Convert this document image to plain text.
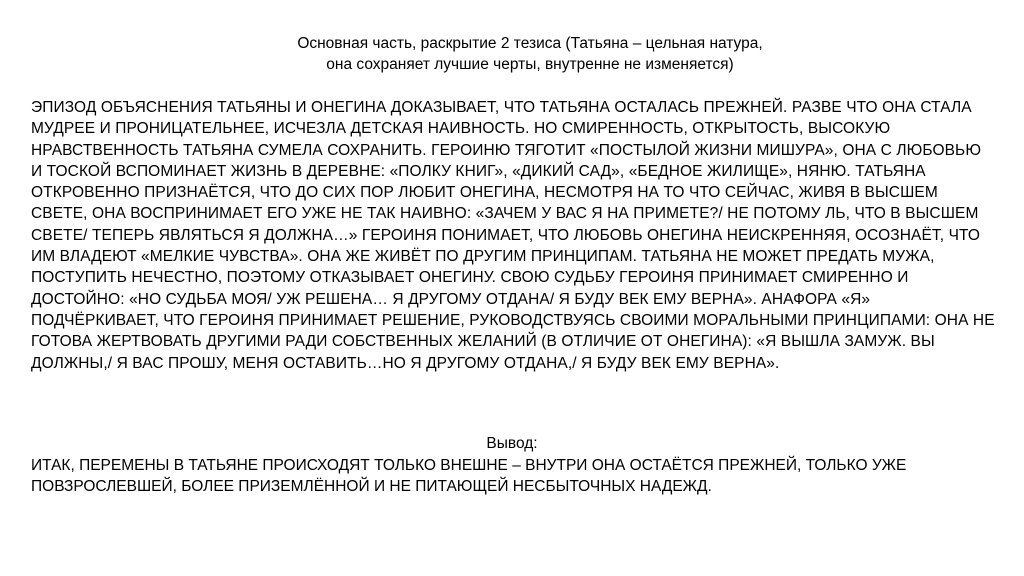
Основная часть, раскрытие 2 тезиса (Татьяна – цельная натура, она сохраняет лучшие черты, внутренне не изменяется)

ЭПИЗОД ОБЪЯСНЕНИЯ ТАТЬЯНЫ И ОНЕГИНА ДОКАЗЫВАЕТ, ЧТО ТАТЬЯНА ОСТАЛАСЬ ПРЕЖНЕЙ. РАЗВЕ ЧТО ОНА СТАЛА МУДРЕЕ И ПРОНИЦАТЕЛЬНЕЕ, ИСЧЕЗЛА ДЕТСКАЯ НАИВНОСТЬ. НО СМИРЕННОСТЬ, ОТКРЫТОСТЬ, ВЫСОКУЮ НРАВСТВЕННОСТЬ ТАТЬЯНА СУМЕЛА СОХРАНИТЬ. ГЕРОИНЮ ТЯГОТИТ «ПОСТЫЛОЙ ЖИЗНИ МИШУРА», ОНА С ЛЮБОВЬЮ И ТОСКОЙ ВСПОМИНАЕТ ЖИЗНЬ В ДЕРЕВНЕ: «ПОЛКУ КНИГ», «ДИКИЙ САД», «БЕДНОЕ ЖИЛИЩЕ», НЯНЮ. ТАТЬЯНА ОТКРОВЕННО ПРИЗНАЁТСЯ, ЧТО ДО СИХ ПОР ЛЮБИТ ОНЕГИНА, НЕСМОТРЯ НА ТО ЧТО СЕЙЧАС, ЖИВЯ В ВЫСШЕМ СВЕТЕ, ОНА ВОСПРИНИМАЕТ ЕГО УЖЕ НЕ ТАК НАИВНО: «ЗАЧЕМ У ВАС Я НА ПРИМЕТЕ?/ НЕ ПОТОМУ ЛЬ, ЧТО В ВЫСШЕМ СВЕТЕ/ ТЕПЕРЬ ЯВЛЯТЬСЯ Я ДОЛЖНА…» ГЕРОИНЯ ПОНИМАЕТ, ЧТО ЛЮБОВЬ ОНЕГИНА НЕИСКРЕННЯЯ, ОСОЗНАЁТ, ЧТО ИМ ВЛАДЕЮТ «МЕЛКИЕ ЧУВСТВА». ОНА ЖЕ ЖИВЁТ ПО ДРУГИМ ПРИНЦИПАМ. ТАТЬЯНА НЕ МОЖЕТ ПРЕДАТЬ МУЖА, ПОСТУПИТЬ НЕЧЕСТНО, ПОЭТОМУ ОТКАЗЫВАЕТ ОНЕГИНУ. СВОЮ СУДЬБУ ГЕРОИНЯ ПРИНИМАЕТ СМИРЕННО И ДОСТОЙНО: «НО СУДЬБА МОЯ/ УЖ РЕШЕНА… Я ДРУГОМУ ОТДАНА/ Я БУДУ ВЕК ЕМУ ВЕРНА». АНАФОРА «Я» ПОДЧЁРКИВАЕТ, ЧТО ГЕРОИНЯ ПРИНИМАЕТ РЕШЕНИЕ, РУКОВОДСТВУЯСЬ СВОИМИ МОРАЛЬНЫМИ ПРИНЦИПАМИ: ОНА НЕ ГОТОВА ЖЕРТВОВАТЬ ДРУГИМИ РАДИ СОБСТВЕННЫХ ЖЕЛАНИЙ (В ОТЛИЧИЕ ОТ ОНЕГИНА): «Я ВЫШЛА ЗАМУЖ. ВЫ ДОЛЖНЫ,/ Я ВАС ПРОШУ, МЕНЯ ОСТАВИТЬ…НО Я ДРУГОМУ ОТДАНА,/ Я БУДУ ВЕК ЕМУ ВЕРНА».

Вывод:

ИТАК, ПЕРЕМЕНЫ В ТАТЬЯНЕ ПРОИСХОДЯТ ТОЛЬКО ВНЕШНЕ – ВНУТРИ ОНА ОСТАЁТСЯ ПРЕЖНЕЙ, ТОЛЬКО УЖЕ ПОВЗРОСЛЕВШЕЙ, БОЛЕЕ ПРИЗЕМЛЁННОЙ И НЕ ПИТАЮЩЕЙ НЕСБЫТОЧНЫХ НАДЕЖД.
